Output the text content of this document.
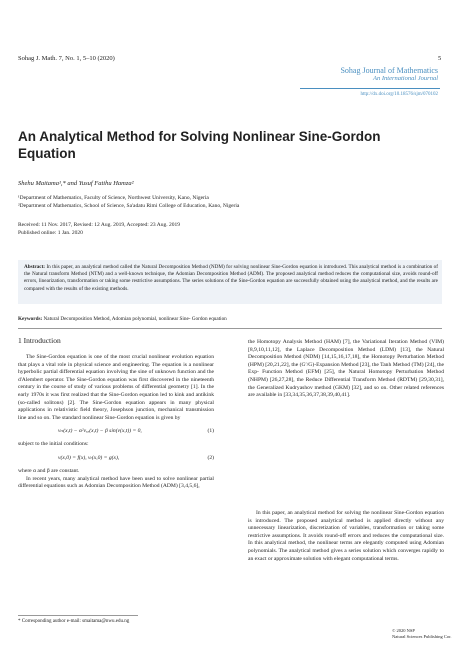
Sohag J. Math. 7, No. 1, 5–10 (2020)	5
Sohag Journal of Mathematics
An International Journal
http://dx.doi.org/10.18576/sjm/070102
An Analytical Method for Solving Nonlinear Sine-Gordon Equation
Shehu Maitama¹,* and Yusuf Fatihu Hamza²
¹Department of Mathematics, Faculty of Science, Northwest University, Kano, Nigeria
²Department of Mathematics, School of Science, Sa'adatu Rimi College of Education, Kano, Nigeria
Received: 11 Nov. 2017, Revised: 12 Aug. 2019, Accepted: 23 Aug. 2019
Published online: 1 Jan. 2020
Abstract: In this paper, an analytical method called the Natural Decomposition Method (NDM) for solving nonlinear Sine-Gordon equation is introduced. This analytical method is a combination of the Natural transform Method (NTM) and a well-known technique, the Adomian Decomposition Method (ADM). The proposed analytical method reduces the computational size, avoids round-off errors, linearization, transformation or taking some restrictive assumptions. The series solutions of the Sine-Gordon equation are successfully obtained using the analytical method, and the results are compared with the results of the existing methods.
Keywords: Natural Decomposition Method, Adomian polynomial, nonlinear Sine- Gordon equation
1 Introduction
The Sine-Gordon equation is one of the most crucial nonlinear evolution equation that plays a vital role in physical science and engineering. The equation is a nonlinear hyperbolic partial differential equation involving the sine of unknown function and the d'Alembert operator. The Sine-Gordon equation was first discovered in the nineteenth century in the course of study of various problems of differential geometry [1]. In the early 1970s it was first realized that the Sine-Gordon equation led to kink and antikink (so-called solitons) [2]. The Sine-Gordon equation appears in many physical applications in relativistic field theory, Josephson junction, mechanical transmission line and so on. The standard nonlinear Sine-Gordon equation is given by
vₜₜ(x,t) − α²vₓₓ(x,t) − β sin(v(x,t)) = 0,	(1)
subject to the initial conditions:
v(x,0) = f(x), vₜ(x,0) = g(x),	(2)
where α and β are constant.
In recent years, many analytical method have been used to solve nonlinear partial differential equations such as Adomian Decomposition Method (ADM) [3,4,5,6],
the Homotopy Analysis Method (HAM) [7], the Variational Iteration Method (VIM) [8,9,10,11,12], the Laplace Decomposition Method (LDM) [13], the Natural Decomposition Method (NDM) [14,15,16,17,18], the Homotopy Perturbation Method (HPM) [20,21,22], the (G′/G)-Expansion Method [23], the Tanh Method (TM) [24], the Exp- Function Method (EFM) [25], the Natural Homotopy Perturbation Method (NHPM) [26,27,28], the Reduce Differential Transform Method (RDTM) [29,30,31], the Generalized Kudryashov method (GKM) [32], and so on. Other related references are available in [33,34,35,36,37,38,39,40,41].
In this paper, an analytical method for solving the nonlinear Sine-Gordon equation is introduced. The proposed analytical method is applied directly without any unnecessary linearization, discretization of variables, transformation or taking some restrictive assumptions. It avoids round-off errors and reduces the computational size. In this analytical method, the nonlinear terms are elegantly computed using Adomian polynomials. The analytical method gives a series solution which converges rapidly to an exact or approximate solution with elegant computational terms.
* Corresponding author e-mail: smaitama@nwu.edu.ng
© 2020 NSP
Natural Sciences Publishing Cor.
